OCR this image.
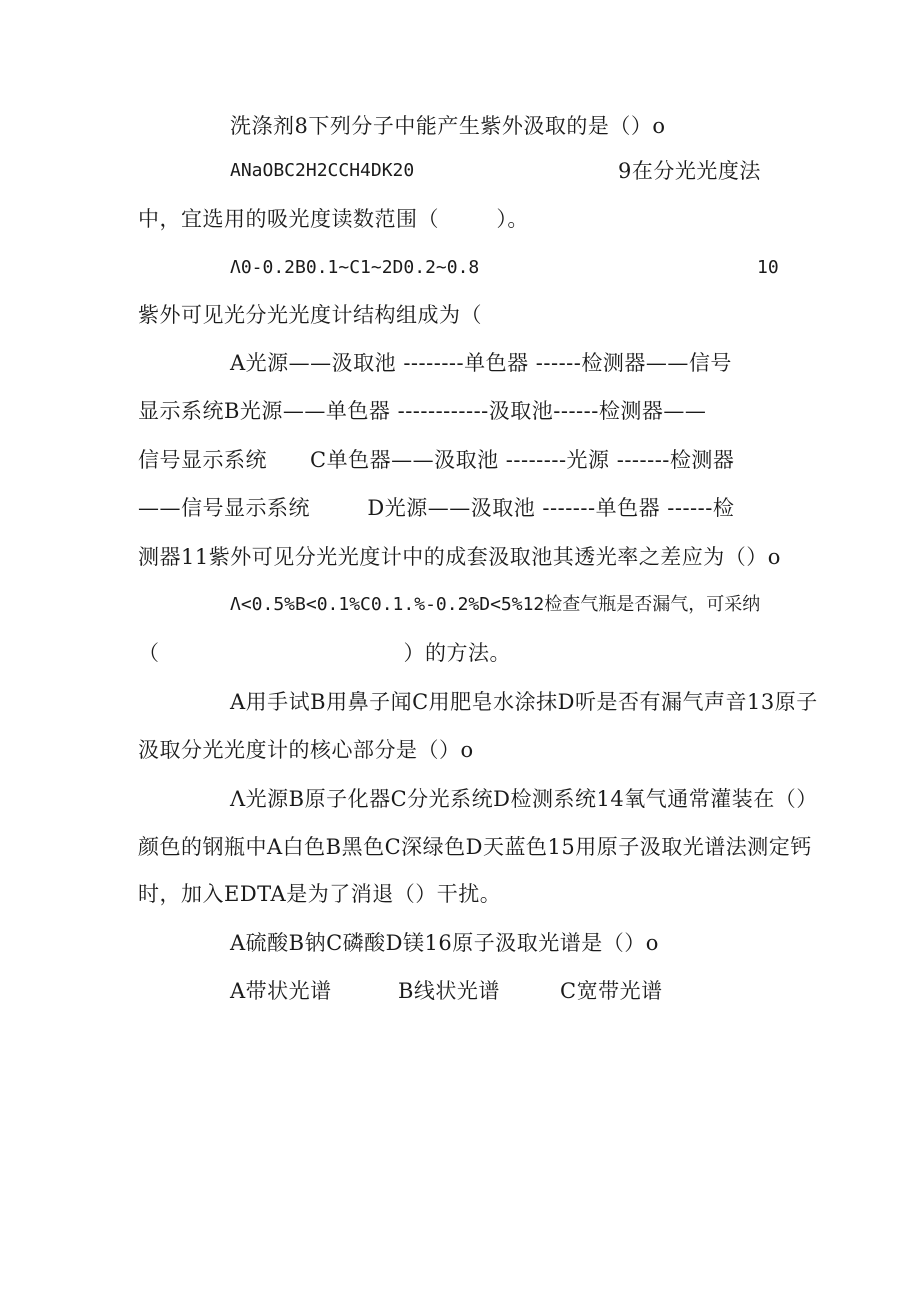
洗涤剂8下列分子中能产生紫外汲取的是（）o
ANaOBC2H2CCH4DK20	9在分光光度法
中，宜选用的吸光度读数范围（        ）。
Λ0-0.2B0.1~C1~2D0.2~0.8	10
紫外可见光分光光度计结构组成为（
A光源——汲取池 --------单色器 ------检测器——信号
显示系统B光源——单色器 ------------汲取池------检测器——
信号显示系统      C单色器——汲取池 --------光源 -------检测器
——信号显示系统        D光源——汲取池 -------单色器 ------检
测器11紫外可见分光光度计中的成套汲取池其透光率之差应为（）o
Λ<0.5%B<0.1%C0.1.%-0.2%D<5%12检查气瓶是否漏气，可采纳
（                                  ）的方法。
A用手试B用鼻子闻C用肥皂水涂抹D听是否有漏气声音13原子
汲取分光光度计的核心部分是（）o
Λ光源B原子化器C分光系统D检测系统14氧气通常灌装在（）
颜色的钢瓶中A白色B黑色C深绿色D天蓝色15用原子汲取光谱法测定钙
时，加入EDTA是为了消退（）干扰。
A硫酸B钠C磷酸D镁16原子汲取光谱是（）o
A带状光谱	B线状光谱	C宽带光谱
